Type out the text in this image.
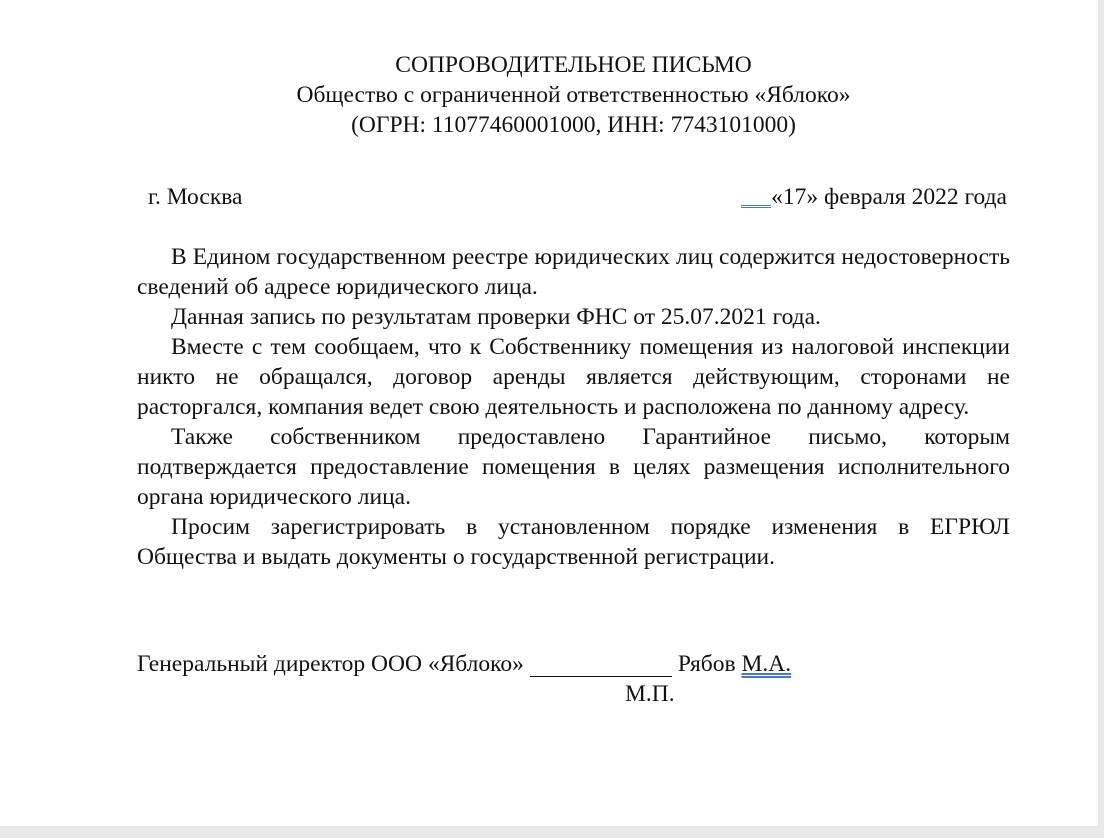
СОПРОВОДИТЕЛЬНОЕ ПИСЬМО
Общество с ограниченной ответственностью «Яблоко»
(ОГРН: 11077460001000, ИНН: 7743101000)
г. Москва	«17» февраля 2022 года

В Едином государственном реестре юридических лиц содержится недостоверность сведений об адресе юридического лица.

Данная запись по результатам проверки ФНС от 25.07.2021 года.

Вместе с тем сообщаем, что к Собственнику помещения из налоговой инспекции никто не обращался, договор аренды является действующим, сторонами не расторгался, компания ведет свою деятельность и расположена по данному адресу.

Также собственником предоставлено Гарантийное письмо, которым подтверждается предоставление помещения в целях размещения исполнительного органа юридического лица.

Просим зарегистрировать в установленном порядке изменения в ЕГРЮЛ Общества и выдать документы о государственной регистрации.

Генеральный директор ООО «Яблоко»	Рябов М.А.
М.П.
